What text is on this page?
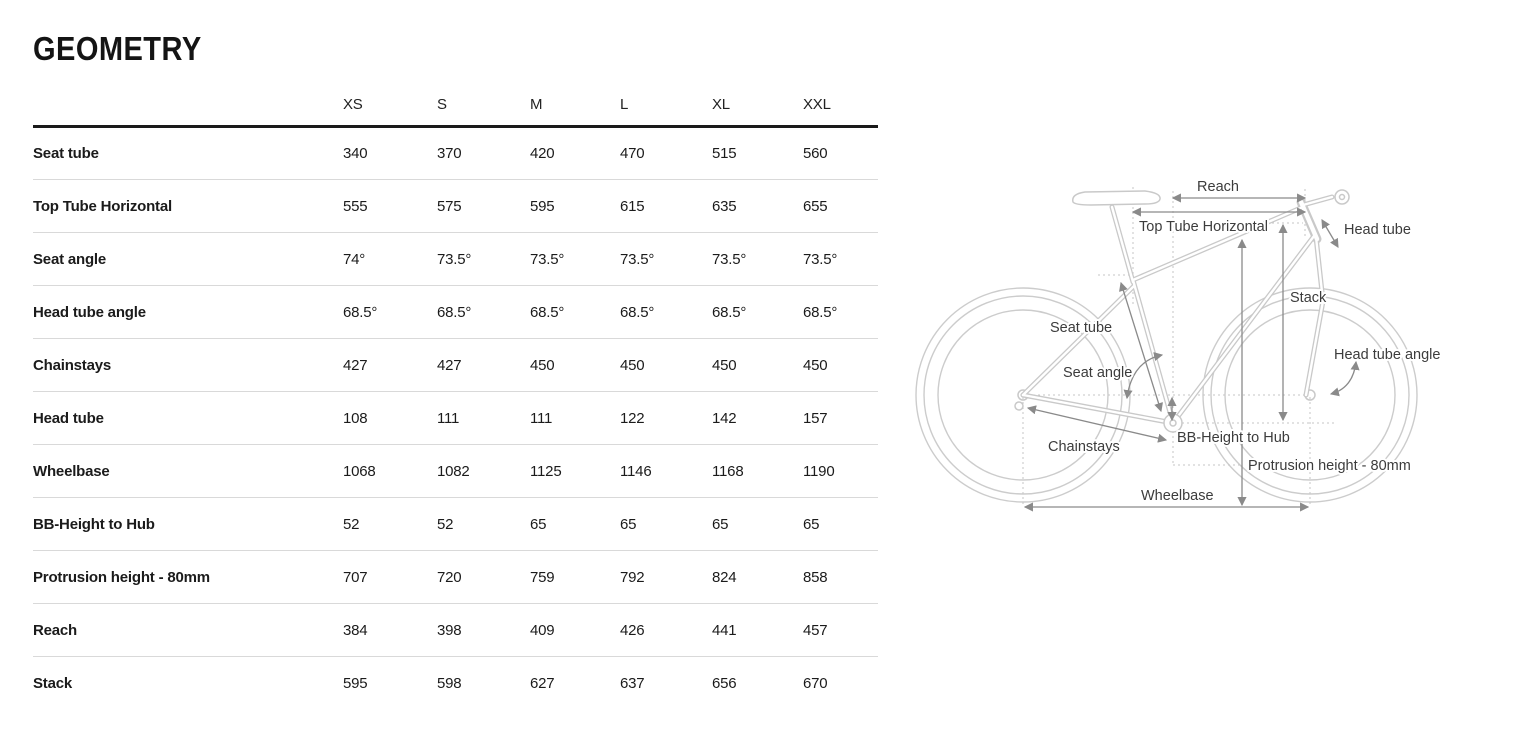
GEOMETRY
	XS	S	M	L	XL	XXL
Seat tube	340	370	420	470	515	560
Top Tube Horizontal	555	575	595	615	635	655
Seat angle	74°	73.5°	73.5°	73.5°	73.5°	73.5°
Head tube angle	68.5°	68.5°	68.5°	68.5°	68.5°	68.5°
Chainstays	427	427	450	450	450	450
Head tube	108	111	111	122	142	157
Wheelbase	1068	1082	1125	1146	1168	1190
BB-Height to Hub	52	52	65	65	65	65
Protrusion height - 80mm	707	720	759	792	824	858
Reach	384	398	409	426	441	457
Stack	595	598	627	637	656	670
Reach
Top Tube Horizontal	Head tube
Stack
Seat tube
Head tube angle
Seat angle
BB-Height to Hub
Chainstays
Protrusion height - 80mm
Wheelbase
